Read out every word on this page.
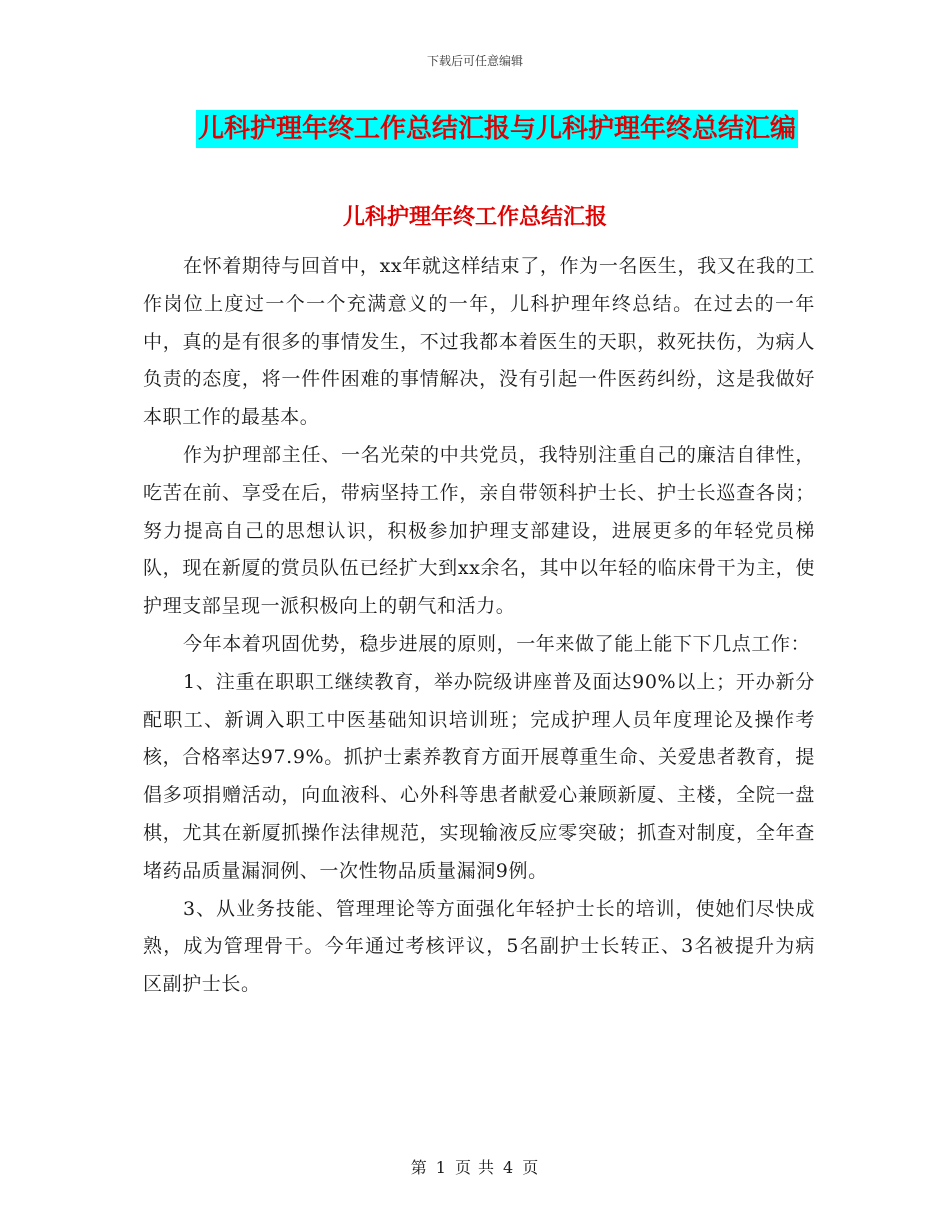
下载后可任意编辑
儿科护理年终工作总结汇报与儿科护理年终总结汇编
儿科护理年终工作总结汇报

在怀着期待与回首中，xx年就这样结束了，作为一名医生，我又在我的工作岗位上度过一个一个充满意义的一年，儿科护理年终总结。在过去的一年中，真的是有很多的事情发生，不过我都本着医生的天职，救死扶伤，为病人负责的态度，将一件件困难的事情解决，没有引起一件医药纠纷，这是我做好本职工作的最基本。

作为护理部主任、一名光荣的中共党员，我特别注重自己的廉洁自律性，吃苦在前、享受在后，带病坚持工作，亲自带领科护士长、护士长巡查各岗；努力提高自己的思想认识，积极参加护理支部建设，进展更多的年轻党员梯队，现在新厦的赏员队伍已经扩大到xx余名，其中以年轻的临床骨干为主，使护理支部呈现一派积极向上的朝气和活力。

今年本着巩固优势，稳步进展的原则，一年来做了能上能下下几点工作：

1、注重在职职工继续教育，举办院级讲座普及面达90%以上；开办新分配职工、新调入职工中医基础知识培训班；完成护理人员年度理论及操作考核，合格率达97.9%。抓护士素养教育方面开展尊重生命、关爱患者教育，提倡多项捐赠活动，向血液科、心外科等患者献爱心兼顾新厦、主楼，全院一盘棋，尤其在新厦抓操作法律规范，实现输液反应零突破；抓查对制度，全年查堵药品质量漏洞例、一次性物品质量漏洞9例。

3、从业务技能、管理理论等方面强化年轻护士长的培训，使她们尽快成熟，成为管理骨干。今年通过考核评议，5名副护士长转正、3名被提升为病区副护士长。

第 1 页 共 4 页
